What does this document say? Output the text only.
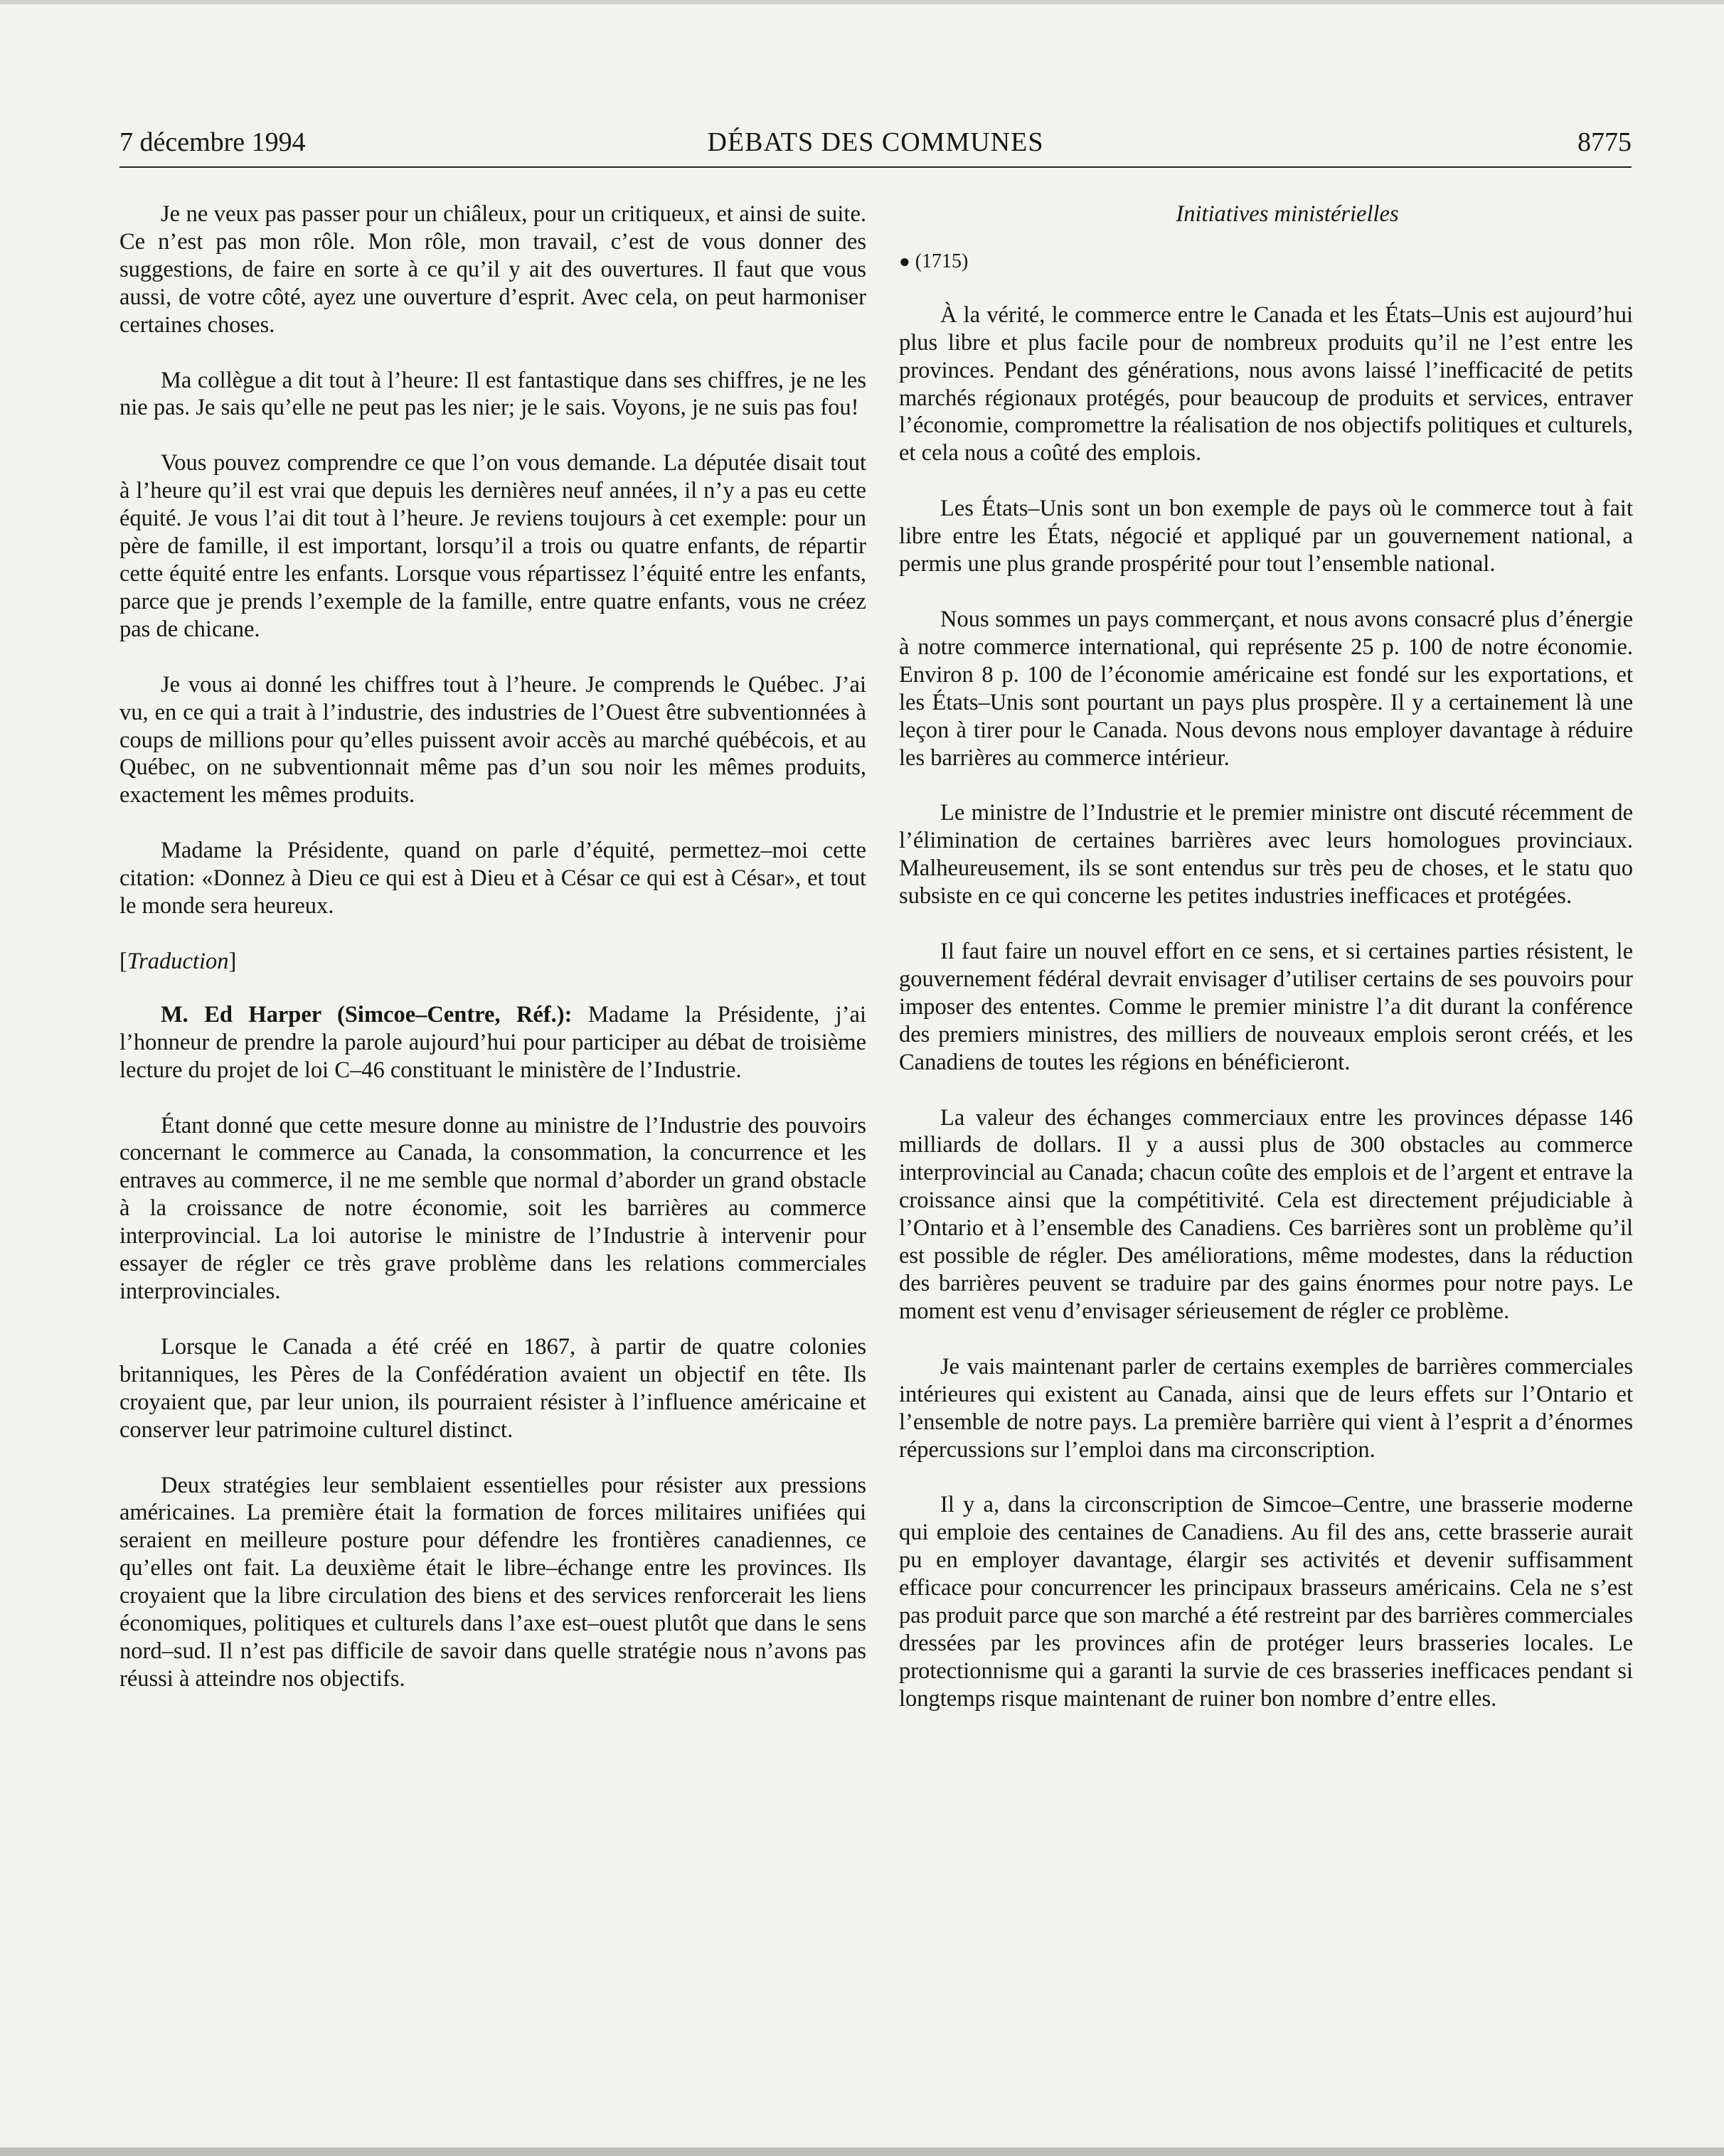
7 décembre 1994	DÉBATS DES COMMUNES	8775

Je ne veux pas passer pour un chiâleux, pour un critiqueux, et ainsi de suite. Ce n’est pas mon rôle. Mon rôle, mon travail, c’est de vous donner des suggestions, de faire en sorte à ce qu’il y ait des ouvertures. Il faut que vous aussi, de votre côté, ayez une ouverture d’esprit. Avec cela, on peut harmoniser certaines choses.

Ma collègue a dit tout à l’heure: Il est fantastique dans ses chiffres, je ne les nie pas. Je sais qu’elle ne peut pas les nier; je le sais. Voyons, je ne suis pas fou!

Vous pouvez comprendre ce que l’on vous demande. La députée disait tout à l’heure qu’il est vrai que depuis les dernières neuf années, il n’y a pas eu cette équité. Je vous l’ai dit tout à l’heure. Je reviens toujours à cet exemple: pour un père de famille, il est important, lorsqu’il a trois ou quatre enfants, de répartir cette équité entre les enfants. Lorsque vous répartissez l’équité entre les enfants, parce que je prends l’exemple de la famille, entre quatre enfants, vous ne créez pas de chicane.

Je vous ai donné les chiffres tout à l’heure. Je comprends le Québec. J’ai vu, en ce qui a trait à l’industrie, des industries de l’Ouest être subventionnées à coups de millions pour qu’elles puissent avoir accès au marché québécois, et au Québec, on ne subventionnait même pas d’un sou noir les mêmes produits, exactement les mêmes produits.

Madame la Présidente, quand on parle d’équité, permettez–moi cette citation: «Donnez à Dieu ce qui est à Dieu et à César ce qui est à César», et tout le monde sera heureux.

[Traduction]

M. Ed Harper (Simcoe–Centre, Réf.): Madame la Présidente, j’ai l’honneur de prendre la parole aujourd’hui pour participer au débat de troisième lecture du projet de loi C–46 constituant le ministère de l’Industrie.

Étant donné que cette mesure donne au ministre de l’Industrie des pouvoirs concernant le commerce au Canada, la consommation, la concurrence et les entraves au commerce, il ne me semble que normal d’aborder un grand obstacle à la croissance de notre économie, soit les barrières au commerce interprovincial. La loi autorise le ministre de l’Industrie à intervenir pour essayer de régler ce très grave problème dans les relations commerciales interprovinciales.

Lorsque le Canada a été créé en 1867, à partir de quatre colonies britanniques, les Pères de la Confédération avaient un objectif en tête. Ils croyaient que, par leur union, ils pourraient résister à l’influence américaine et conserver leur patrimoine culturel distinct.

Deux stratégies leur semblaient essentielles pour résister aux pressions américaines. La première était la formation de forces militaires unifiées qui seraient en meilleure posture pour défendre les frontières canadiennes, ce qu’elles ont fait. La deuxième était le libre–échange entre les provinces. Ils croyaient que la libre circulation des biens et des services renforcerait les liens économiques, politiques et culturels dans l’axe est–ouest plutôt que dans le sens nord–sud. Il n’est pas difficile de savoir dans quelle stratégie nous n’avons pas réussi à atteindre nos objectifs.

Initiatives ministérielles
● (1715)

À la vérité, le commerce entre le Canada et les États–Unis est aujourd’hui plus libre et plus facile pour de nombreux produits qu’il ne l’est entre les provinces. Pendant des générations, nous avons laissé l’inefficacité de petits marchés régionaux protégés, pour beaucoup de produits et services, entraver l’économie, compromettre la réalisation de nos objectifs politiques et culturels, et cela nous a coûté des emplois.

Les États–Unis sont un bon exemple de pays où le commerce tout à fait libre entre les États, négocié et appliqué par un gouvernement national, a permis une plus grande prospérité pour tout l’ensemble national.

Nous sommes un pays commerçant, et nous avons consacré plus d’énergie à notre commerce international, qui représente 25 p. 100 de notre économie. Environ 8 p. 100 de l’économie américaine est fondé sur les exportations, et les États–Unis sont pourtant un pays plus prospère. Il y a certainement là une leçon à tirer pour le Canada. Nous devons nous employer davantage à réduire les barrières au commerce intérieur.

Le ministre de l’Industrie et le premier ministre ont discuté récemment de l’élimination de certaines barrières avec leurs homologues provinciaux. Malheureusement, ils se sont entendus sur très peu de choses, et le statu quo subsiste en ce qui concerne les petites industries inefficaces et protégées.

Il faut faire un nouvel effort en ce sens, et si certaines parties résistent, le gouvernement fédéral devrait envisager d’utiliser certains de ses pouvoirs pour imposer des ententes. Comme le premier ministre l’a dit durant la conférence des premiers ministres, des milliers de nouveaux emplois seront créés, et les Canadiens de toutes les régions en bénéficieront.

La valeur des échanges commerciaux entre les provinces dépasse 146 milliards de dollars. Il y a aussi plus de 300 obstacles au commerce interprovincial au Canada; chacun coûte des emplois et de l’argent et entrave la croissance ainsi que la compétitivité. Cela est directement préjudiciable à l’Ontario et à l’ensemble des Canadiens. Ces barrières sont un problème qu’il est possible de régler. Des améliorations, même modestes, dans la réduction des barrières peuvent se traduire par des gains énormes pour notre pays. Le moment est venu d’envisager sérieusement de régler ce problème.

Je vais maintenant parler de certains exemples de barrières commerciales intérieures qui existent au Canada, ainsi que de leurs effets sur l’Ontario et l’ensemble de notre pays. La première barrière qui vient à l’esprit a d’énormes répercussions sur l’emploi dans ma circonscription.

Il y a, dans la circonscription de Simcoe–Centre, une brasserie moderne qui emploie des centaines de Canadiens. Au fil des ans, cette brasserie aurait pu en employer davantage, élargir ses activités et devenir suffisamment efficace pour concurrencer les principaux brasseurs américains. Cela ne s’est pas produit parce que son marché a été restreint par des barrières commerciales dressées par les provinces afin de protéger leurs brasseries locales. Le protectionnisme qui a garanti la survie de ces brasseries inefficaces pendant si longtemps risque maintenant de ruiner bon nombre d’entre elles.
